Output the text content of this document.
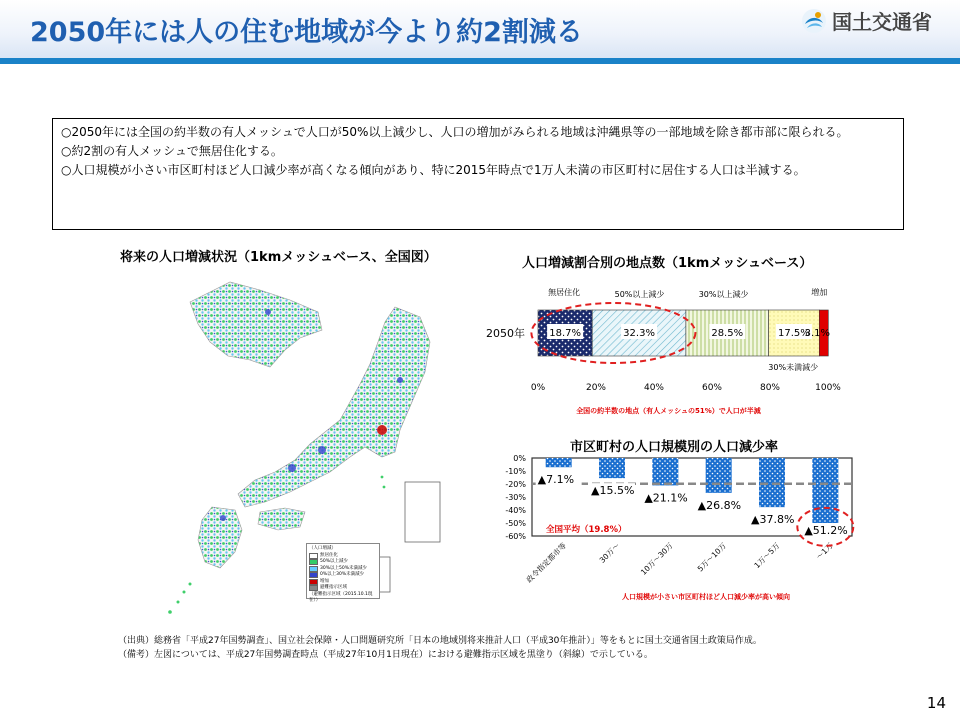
2050年には人の住む地域が今より約2割減る	国土交通省

○2050年には全国の約半数の有人メッシュで人口が50%以上減少し、人口の増加がみられる地域は沖縄県等の一部地域を除き都市部に限られる。

○約2割の有人メッシュで無居住化する。

○人口規模が小さい市区町村ほど人口減少率が高くなる傾向があり、特に2015年時点で1万人未満の市区町村に居住する人口は半減する。

将来の人口増減状況（1kmメッシュベース、全国図）
（人口増減）
無居住化
50%以上減少
30%以上50%未満減少
0%以上30%未満減少
増加
避難指示区域
（避難指示区域（2015.10.1現在））
人口増減割合別の地点数（1kmメッシュベース）
2050年 18.7%	32.3%	28.5%	17.5%
3.1%
無居住化	50%以上減少	30%以上減少
30%未満減少
増加
0%	20%	40%	60%	80%	100%
全国の約半数の地点（有人メッシュの51%）で人口が半減
市区町村の人口規模別の人口減少率
0%
-10%
-20%
-30%
-40%
-50%
-60%
全国平均（19.8%）
▲7.1%
▲15.5%
▲21.1%
▲26.8%
▲37.8%
▲51.2%
政令指定都市等	30万～ 10万～30万	5万～10万	1万～5万	～1万
人口規模が小さい市区町村ほど人口減少率が高い傾向
（出典）総務省「平成27年国勢調査」、国立社会保障・人口問題研究所「日本の地域別将来推計人口（平成30年推計）」等をもとに国土交通省国土政策局作成。
（備考）左図については、平成27年国勢調査時点（平成27年10月1日現在）における避難指示区域を黒塗り（斜線）で示している。
14
